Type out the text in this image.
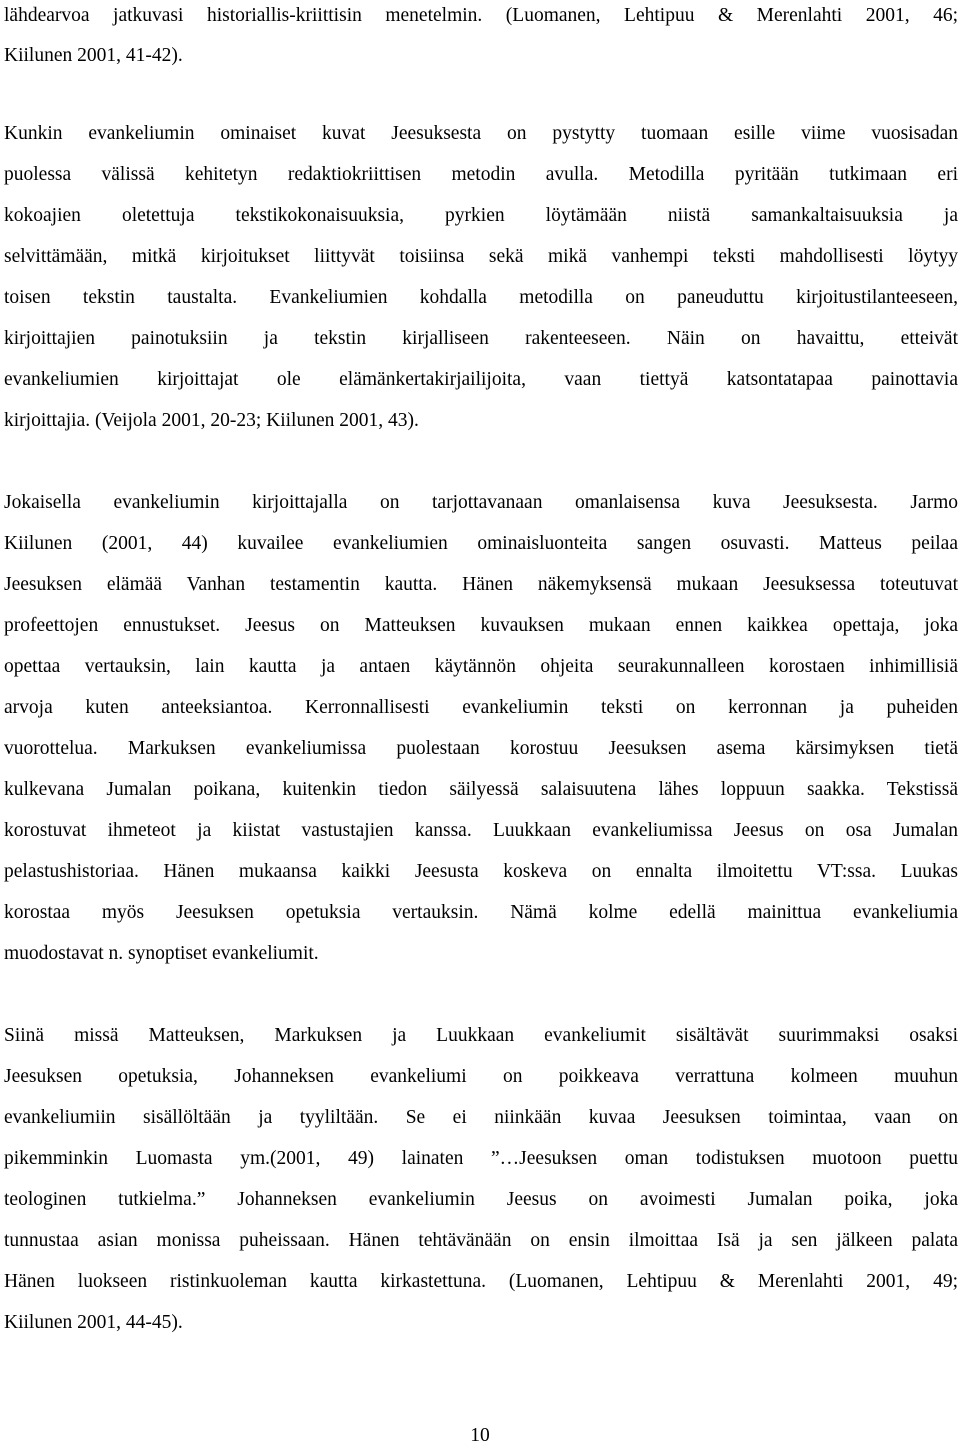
lähdearvoa jatkuvasi historiallis-kriittisin menetelmin. (Luomanen, Lehtipuu & Merenlahti 2001, 46;
Kiilunen 2001, 41-42).
Kunkin evankeliumin ominaiset kuvat Jeesuksesta on pystytty tuomaan esille viime vuosisadan
puolessa välissä kehitetyn redaktiokriittisen metodin avulla. Metodilla pyritään tutkimaan eri
kokoajien oletettuja tekstikokonaisuuksia, pyrkien löytämään niistä samankaltaisuuksia ja
selvittämään, mitkä kirjoitukset liittyvät toisiinsa sekä mikä vanhempi teksti mahdollisesti löytyy
toisen tekstin taustalta. Evankeliumien kohdalla metodilla on paneuduttu kirjoitustilanteeseen,
kirjoittajien painotuksiin ja tekstin kirjalliseen rakenteeseen. Näin on havaittu, etteivät
evankeliumien kirjoittajat ole elämänkertakirjailijoita, vaan tiettyä katsontatapaa painottavia
kirjoittajia. (Veijola 2001, 20-23; Kiilunen 2001, 43).
Jokaisella evankeliumin kirjoittajalla on tarjottavanaan omanlaisensa kuva Jeesuksesta. Jarmo
Kiilunen (2001, 44) kuvailee evankeliumien ominaisluonteita sangen osuvasti. Matteus peilaa
Jeesuksen elämää Vanhan testamentin kautta. Hänen näkemyksensä mukaan Jeesuksessa toteutuvat
profeettojen ennustukset. Jeesus on Matteuksen kuvauksen mukaan ennen kaikkea opettaja, joka
opettaa vertauksin, lain kautta ja antaen käytännön ohjeita seurakunnalleen korostaen inhimillisiä
arvoja kuten anteeksiantoa. Kerronnallisesti evankeliumin teksti on kerronnan ja puheiden
vuorottelua. Markuksen evankeliumissa puolestaan korostuu Jeesuksen asema kärsimyksen tietä
kulkevana Jumalan poikana, kuitenkin tiedon säilyessä salaisuutena lähes loppuun saakka. Tekstissä
korostuvat ihmeteot ja kiistat vastustajien kanssa. Luukkaan evankeliumissa Jeesus on osa Jumalan
pelastushistoriaa. Hänen mukaansa kaikki Jeesusta koskeva on ennalta ilmoitettu VT:ssa. Luukas
korostaa myös Jeesuksen opetuksia vertauksin. Nämä kolme edellä mainittua evankeliumia
muodostavat n. synoptiset evankeliumit.
Siinä missä Matteuksen, Markuksen ja Luukkaan evankeliumit sisältävät suurimmaksi osaksi
Jeesuksen opetuksia, Johanneksen evankeliumi on poikkeava verrattuna kolmeen muuhun
evankeliumiin sisällöltään ja tyyliltään. Se ei niinkään kuvaa Jeesuksen toimintaa, vaan on
pikemminkin Luomasta ym.(2001, 49) lainaten ”…Jeesuksen oman todistuksen muotoon puettu
teologinen tutkielma.” Johanneksen evankeliumin Jeesus on avoimesti Jumalan poika, joka
tunnustaa asian monissa puheissaan. Hänen tehtävänään on ensin ilmoittaa Isä ja sen jälkeen palata
Hänen luokseen ristinkuoleman kautta kirkastettuna. (Luomanen, Lehtipuu & Merenlahti 2001, 49;
Kiilunen 2001, 44-45).
10
